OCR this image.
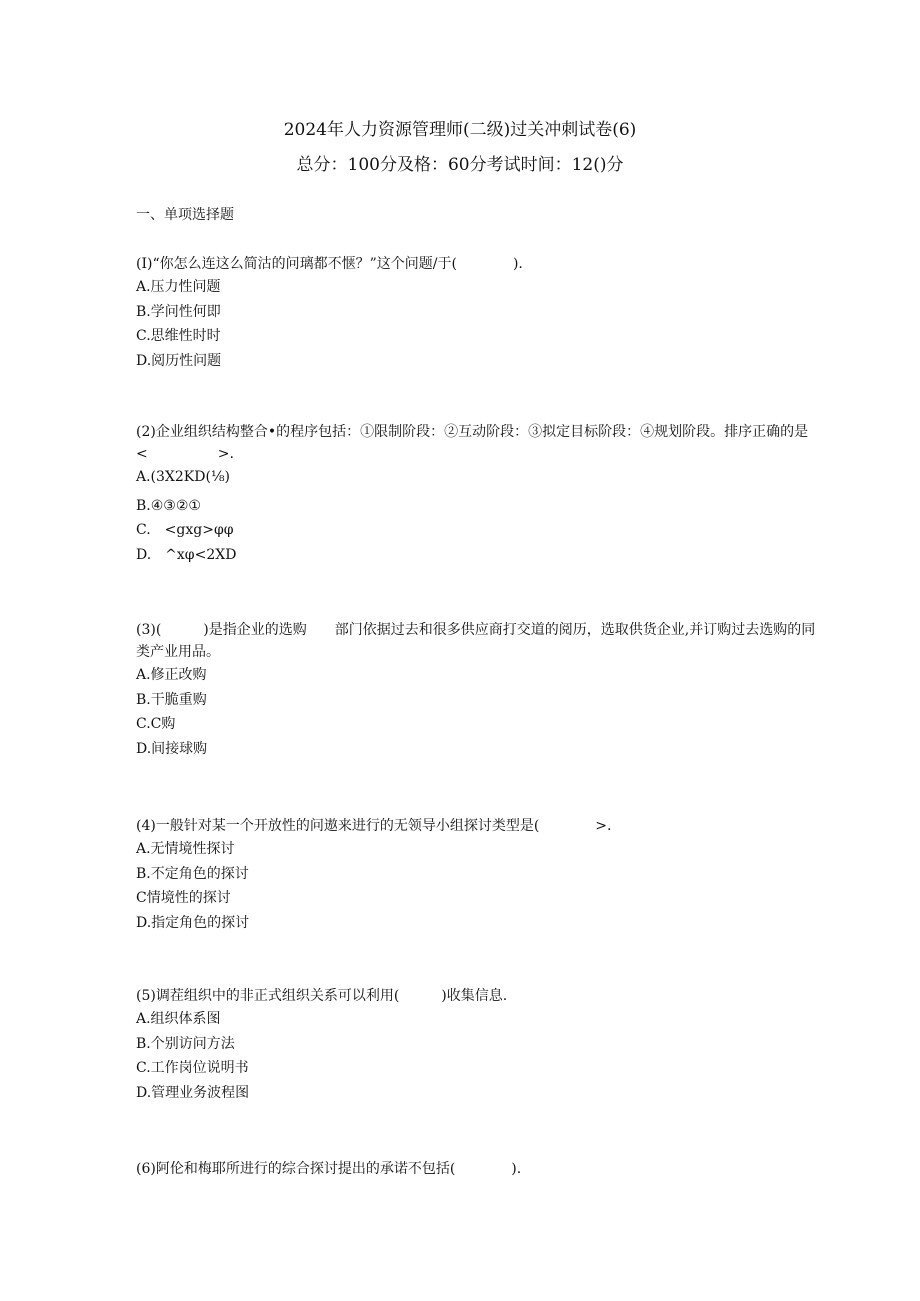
2024年人力资源管理师(二级)过关冲刺试卷(6)
总分：100分及格：60分考试时间：12()分
一、单项选择题

(I)“你怎么连这么简沽的问璃都不惬？”这个问题/于(　　　　).

A.压力性问题

B.学问性何即

C.思维性时时

D.阅历性问题

(2)企业组织结构整合•的程序包括：①限制阶段：②互动阶段：③拟定目标阶段：④规划阶段。排序正确的是<　　　　　>.

A.(3X2KD(⅛)

B.④③②①

C.　<gxg>φφ

D.　^xφ<2XD

(3)(　　　)是指企业的选购　　部门依据过去和很多供应商打交道的阅历，选取供货企业,并订购过去选购的同类产业用品。

A.修正改购

B.干脆重购

C.C购

D.间接球购

(4)一般针对某一个开放性的问遨来进行的无领导小组探讨类型是(　　　　>.

A.无情境性探讨

B.不定角色的探讨

C情境性的探讨

D.指定角色的探讨

(5)调茬组织中的非正式组织关系可以利用(　　　)收集信息.

A.组织体系图

B.个别访问方法

C.工作岗位说明书

D.管理业务波程图

(6)阿伦和梅耶所进行的综合探讨提出的承诺不包括(　　　　).
